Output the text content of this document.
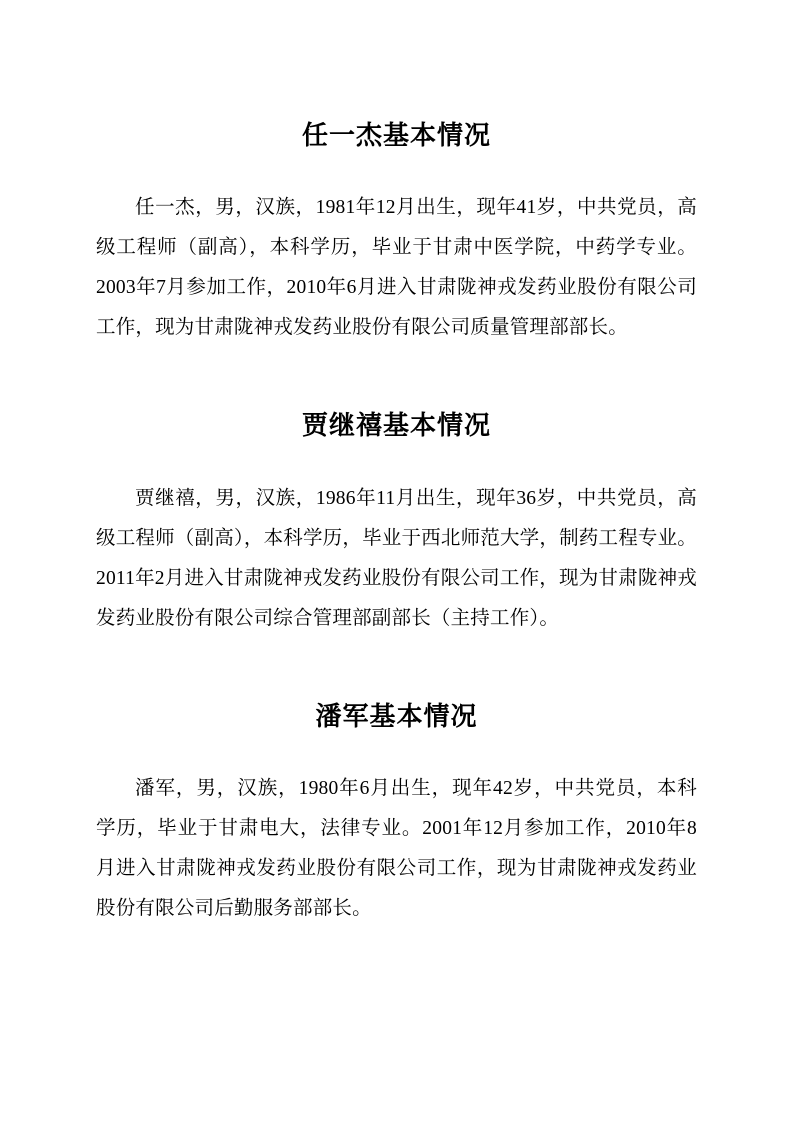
任一杰基本情况

任一杰，男，汉族，1981年12月出生，现年41岁，中共党员，高级工程师（副高），本科学历，毕业于甘肃中医学院，中药学专业。2003年7月参加工作，2010年6月进入甘肃陇神戎发药业股份有限公司工作，现为甘肃陇神戎发药业股份有限公司质量管理部部长。

贾继禧基本情况

贾继禧，男，汉族，1986年11月出生，现年36岁，中共党员，高级工程师（副高），本科学历，毕业于西北师范大学，制药工程专业。2011年2月进入甘肃陇神戎发药业股份有限公司工作，现为甘肃陇神戎发药业股份有限公司综合管理部副部长（主持工作）。

潘军基本情况

潘军，男，汉族，1980年6月出生，现年42岁，中共党员，本科学历，毕业于甘肃电大，法律专业。2001年12月参加工作，2010年8月进入甘肃陇神戎发药业股份有限公司工作，现为甘肃陇神戎发药业股份有限公司后勤服务部部长。
